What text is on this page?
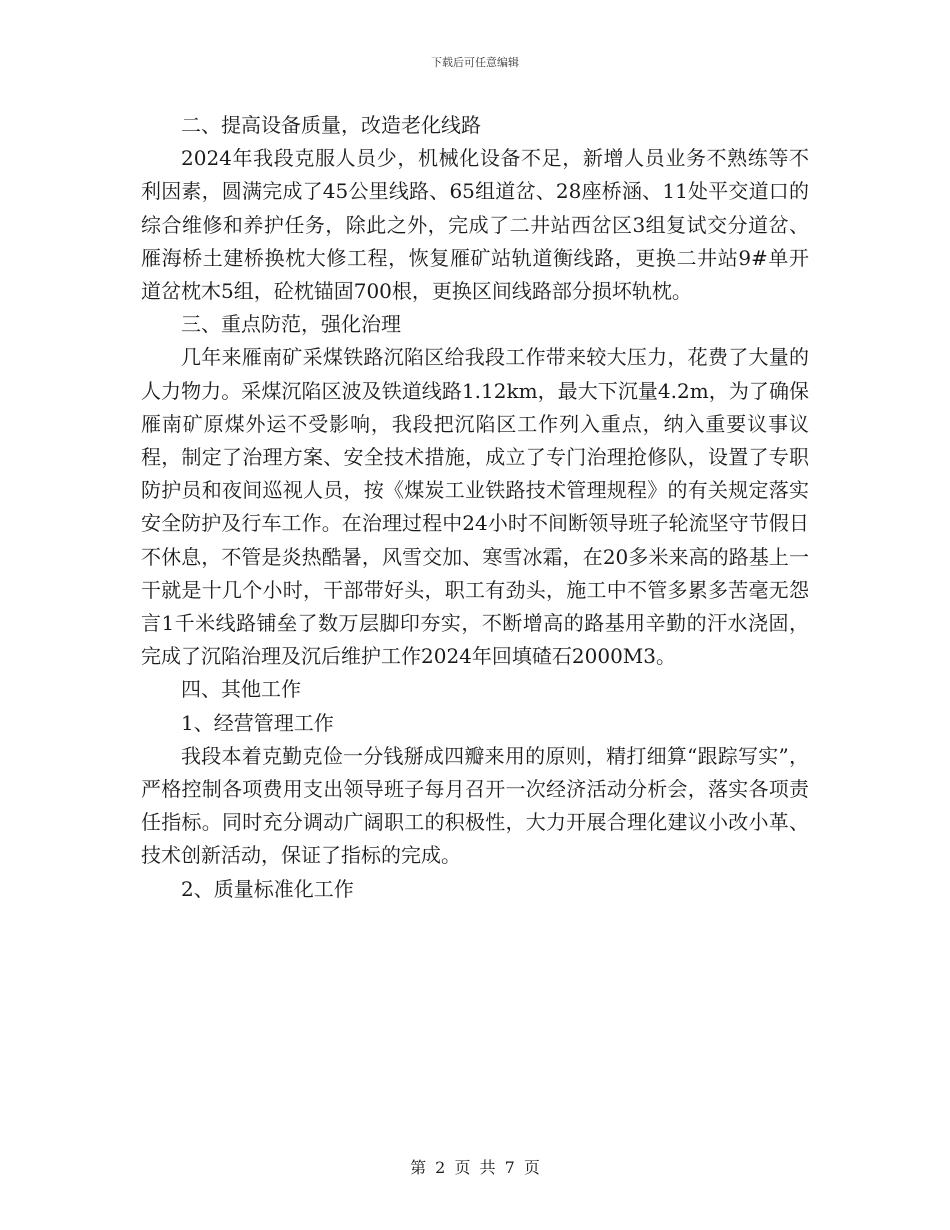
下载后可任意编辑

二、提高设备质量，改造老化线路

2024年我段克服人员少，机械化设备不足，新增人员业务不熟练等不利因素，圆满完成了45公里线路、65组道岔、28座桥涵、11处平交道口的综合维修和养护任务，除此之外，完成了二井站西岔区3组复试交分道岔、雁海桥土建桥换枕大修工程，恢复雁矿站轨道衡线路，更换二井站9#单开道岔枕木5组，砼枕锚固700根，更换区间线路部分损坏轨枕。

三、重点防范，强化治理

几年来雁南矿采煤铁路沉陷区给我段工作带来较大压力，花费了大量的人力物力。采煤沉陷区波及铁道线路1.12km，最大下沉量4.2m，为了确保雁南矿原煤外运不受影响，我段把沉陷区工作列入重点，纳入重要议事议程，制定了治理方案、安全技术措施，成立了专门治理抢修队，设置了专职防护员和夜间巡视人员，按《煤炭工业铁路技术管理规程》的有关规定落实安全防护及行车工作。在治理过程中24小时不间断领导班子轮流坚守节假日不休息，不管是炎热酷暑，风雪交加、寒雪冰霜，在20多米来高的路基上一干就是十几个小时，干部带好头，职工有劲头，施工中不管多累多苦毫无怨言1千米线路铺垒了数万层脚印夯实，不断增高的路基用辛勤的汗水浇固，完成了沉陷治理及沉后维护工作2024年回填碴石2000M3。

四、其他工作

1、经营管理工作

我段本着克勤克俭一分钱掰成四瓣来用的原则，精打细算“跟踪写实”，严格控制各项费用支出领导班子每月召开一次经济活动分析会，落实各项责任指标。同时充分调动广阔职工的积极性，大力开展合理化建议小改小革、技术创新活动，保证了指标的完成。

2、质量标准化工作

第 2 页 共 7 页
